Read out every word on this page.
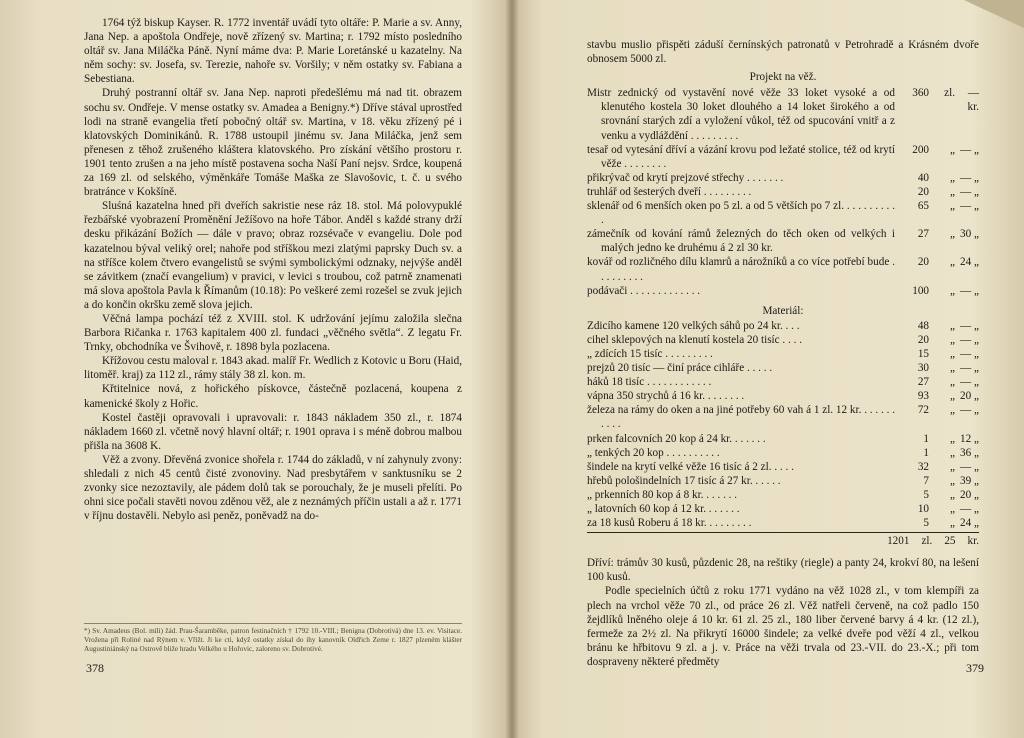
1764 týž biskup Kayser. R. 1772 inventář uvádí tyto oltáře: P. Marie a sv. Anny, Jana Nep. a apoštola Ondřeje, nově zřízený sv. Martina; r. 1792 místo posledního oltář sv. Jana Miláčka Páně. Nyní máme dva: P. Marie Loretánské u kazatelny. Na něm sochy: sv. Josefa, sv. Terezie, nahoře sv. Voršily; v něm ostatky sv. Fabiana a Sebestiana.

Druhý postranní oltář sv. Jana Nep. naproti předešlému má nad tit. obrazem sochu sv. Ondřeje. V mense ostatky sv. Amadea a Benigny.*) Dříve stával uprostřed lodi na straně evangelia třetí pobočný oltář sv. Martina, v 18. věku zřízený pé i klatovských Dominikánů. R. 1788 ustoupil jinému sv. Jana Miláčka, jenž sem přenesen z těhož zrušeného kláštera klatovského. Pro získání většího prostoru r. 1901 tento zrušen a na jeho místě postavena socha Naší Paní nejsv. Srdce, koupená za 169 zl. od selského, výměnkáře Tomáše Maška ze Slavošovic, t. č. u svého bratránce v Kokšíně.

Sluśná kazatelna hned při dveřích sakristie nese ráz 18. stol. Má polovypuklé řezbářské vyobrazení Proměnění Ježíšovo na hoře Tábor. Anděl s každé strany drží desku přikázání Božích — dále v pravo; obraz rozsévače v evangeliu. Dole pod kazatelnou býval veliký orel; nahoře pod stříškou mezi zlatými paprsky Duch sv. a na stříšce kolem čtvero evangelistů se svými symbolickými odznaky, nejvýše anděl se závitkem (značí evangelium) v pravici, v levici s troubou, což patrně znamenati má slova apoštola Pavla k Římanům (10.18): Po veškeré zemi rozešel se zvuk jejich a do končin okršku země slova jejich.

Věčná lampa pochází též z XVIII. stol. K udržování jejímu založila slečna Barbora Ričanka r. 1763 kapitalem 400 zl. fundaci „věčného světla“. Z legatu Fr. Trnky, obchodníka ve Švihově, r. 1898 byla pozlacena.

Křížovou cestu maloval r. 1843 akad. malíř Fr. Wedlich z Kotovic u Boru (Haid, litoměř. kraj) za 112 zl., rámy stály 38 zl. kon. m.

Křtitelnice nová, z hořického pískovce, částečně pozlacená, koupena z kamenické školy z Hořic.

Kostel častěji opravovali i upravovali: r. 1843 nákladem 350 zl., r. 1874 nákladem 1660 zl. včetně nový hlavní oltář; r. 1901 oprava i s méně dobrou malbou přišla na 3608 K.

Věž a zvony. Dřevěná zvonice shořela r. 1744 do základů, v ní zahynuly zvony: shledali z nich 45 centů čisté zvonoviny. Nad presbytářem v sanktusníku se 2 zvonky sice nezoztavily, ale pádem dolů tak se porouchaly, že je museli přelíti. Po ohni sice počali stavěti novou zděnou věž, ale z neznámých příčin ustali a až r. 1771 v říjnu dostavěli. Nebylo asi peněz, poněvadž na do-

*) Sv. Amadeus (Bol. míli) žád. Prau-Šaramběke, patron festinačních † 1792 10.-VIII.; Benigna (Dobrotivá) dne 13. ev. Visitace. Vrožena při Roliné nad Rýnem v. Vřižt. Ji ke cti, když ostatky získal do ihy kanovník Oldřich Zeme r. 1827 plzeném klášter Augustiniánský na Ostrově bliže hradu Velkého u Hořovic, zaloreno sv. Dobrotivé.
378

stavbu muslio přispěti záduší černínských patronatů v Petrohradě a Krásném dvoře obnosem 5000 zl.

Projekt na věž.

Mistr zednický od vystavění nové věže 33 loket vysoké a od klenutého kostela 30 loket dlouhého a 14 loket širokého a od srovnání starých zdí a vyložení vůkol, též od spucování vnitř a z venku a vydláždění . . . . . . . . .
360	zl.	— kr.
tesař od vytesání dříví a vázání krovu pod ležaté stolice, též od krytí věže . . . . . . . .
200	„ — „
přikrývač od krytí prejzové střechy . . . . . . .	40	„ — „
truhlář od šesterých dveří . . . . . . . . .	20	„ — „
sklenář od 6 menších oken po 5 zl. a od 5 větších po 7 zl. . . . . . . . . . .
65	„ — „
zámečník od kování rámů železných do těch oken od velkých i malých jedno ke druhému á 2 zl 30 kr.
27	„ 30 „
kovář od rozličného dílu klamrů a nárožníků a co více potřebí bude . . . . . . . . .
20	„ 24 „
podávači . . . . . . . . . . . . .	100	„ — „

Materiál:

Zdicího kamene 120 velkých sáhů po 24 kr. . . .	48	„ — „
cihel sklepových na klenutí kostela 20 tisíc . . . .	20	„ — „
„ zdících 15 tisíc . . . . . . . . .	15	„ — „
prejzů 20 tisíc — činí práce cihláře . . . . .	30	„ — „
háků 18 tisíc . . . . . . . . . . . .	27	„ — „
vápna 350 strychů á 16 kr. . . . . . . .	93	„ 20 „
železa na rámy do oken a na jiné potřeby 60 vah á 1 zl. 12 kr. . . . . . . . . . .
72	„ — „
prken falcovních 20 kop á 24 kr. . . . . . .	1	„ 12 „
„ tenkých 20 kop . . . . . . . . . .	1	„ 36 „
šindele na krytí velké věže 16 tisíc á 2 zl. . . . .	32	„ — „
hřebů pološindelních 17 tisíc á 27 kr. . . . . .	7	„ 39 „
„ prkenních 80 kop á 8 kr. . . . . . .	5	„ 20 „
„ latovních 60 kop á 12 kr. . . . . . .	10	„ — „
za 18 kusů Roberu á 18 kr. . . . . . . . .	5	„ 24 „
1201 zl. 25 kr.

Dříví: trámův 30 kusů, půzdenic 28, na reštiky (riegle) a panty 24, krokví 80, na lešení 100 kusů.

Podle specielních účtů z roku 1771 vydáno na věž 1028 zl., v tom klempíři za plech na vrchol věže 70 zl., od práce 26 zl. Věž natřeli červeně, na což padlo 150 žejdlíků lněného oleje á 10 kr. 61 zl. 25 zl., 180 liber červené barvy á 4 kr. (12 zl.), fermeže za 2½ zl. Na přikrytí 16000 šindele; za velké dveře pod věží 4 zl., velkou bránu ke hřbitovu 9 zl. a j. v. Práce na věži trvala od 23.-VII. do 23.-X.; při tom dospraveny některé předměty	379
